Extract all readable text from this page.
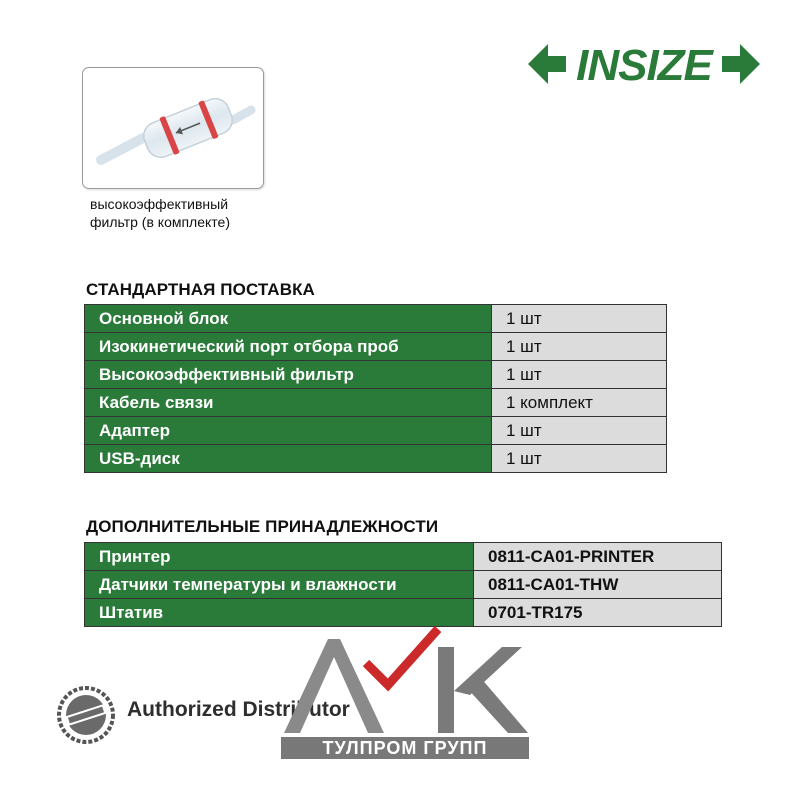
INSIZE
высокоэффективный
фильтр (в комплекте)
СТАНДАРТНАЯ ПОСТАВКА
Основной блок	1 шт
Изокинетический порт отбора проб	1 шт
Высокоэффективный фильтр	1 шт
Кабель связи	1 комплект
Адаптер	1 шт
USB-диск	1 шт
ДОПОЛНИТЕЛЬНЫЕ ПРИНАДЛЕЖНОСТИ
Принтер	0811-CA01-PRINTER
Датчики температуры и влажности	0811-CA01-THW
Штатив	0701-TR175
Authorized Distributor
ТУЛПРОМ ГРУПП
